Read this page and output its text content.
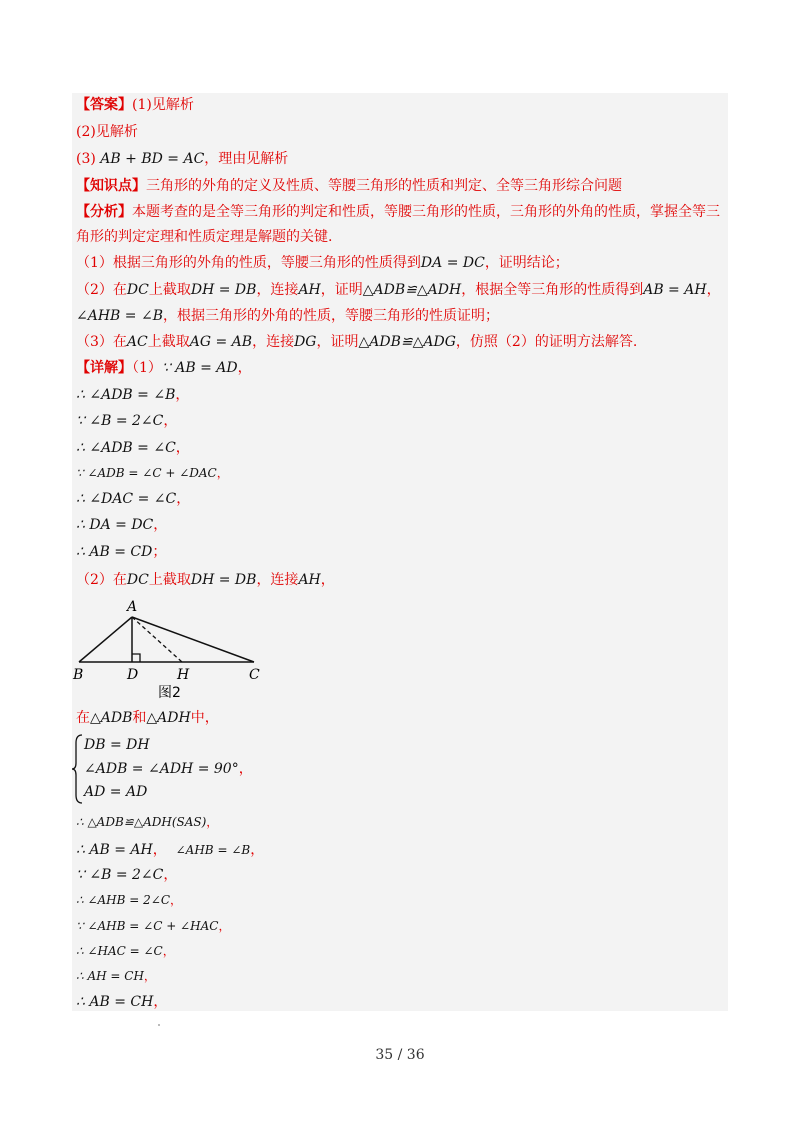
【答案】(1)见解析
(2)见解析
(3) AB + BD = AC，理由见解析
【知识点】三角形的外角的定义及性质、等腰三角形的性质和判定、全等三角形综合问题
【分析】本题考查的是全等三角形的判定和性质，等腰三角形的性质，三角形的外角的性质，掌握全等三
角形的判定定理和性质定理是解题的关键.
（1）根据三角形的外角的性质，等腰三角形的性质得到DA = DC，证明结论；
（2）在DC上截取DH = DB，连接AH，证明△ADB≌△ADH，根据全等三角形的性质得到AB = AH，
∠AHB = ∠B，根据三角形的外角的性质，等腰三角形的性质证明；
（3）在AC上截取AG = AB，连接DG，证明△ADB≌△ADG，仿照（2）的证明方法解答.
【详解】（1）∵ AB = AD，
∴ ∠ADB = ∠B，
∵ ∠B = 2∠C，
∴ ∠ADB = ∠C，
∵ ∠ADB = ∠C + ∠DAC，
∴ ∠DAC = ∠C，
∴ DA = DC，
∴ AB = CD；
（2）在DC上截取DH = DB，连接AH，
A
B	D	H	C
图2
在△ADB和△ADH中，
DB = DH
∠ADB = ∠ADH = 90°，
AD = AD
∴ △ADB≌△ADH(SAS)，
∴ AB = AH， ∠AHB = ∠B，
∵ ∠B = 2∠C，
∴ ∠AHB = 2∠C，
∵ ∠AHB = ∠C + ∠HAC，
∴ ∠HAC = ∠C，
∴ AH = CH，
∴ AB = CH，
35 / 36
